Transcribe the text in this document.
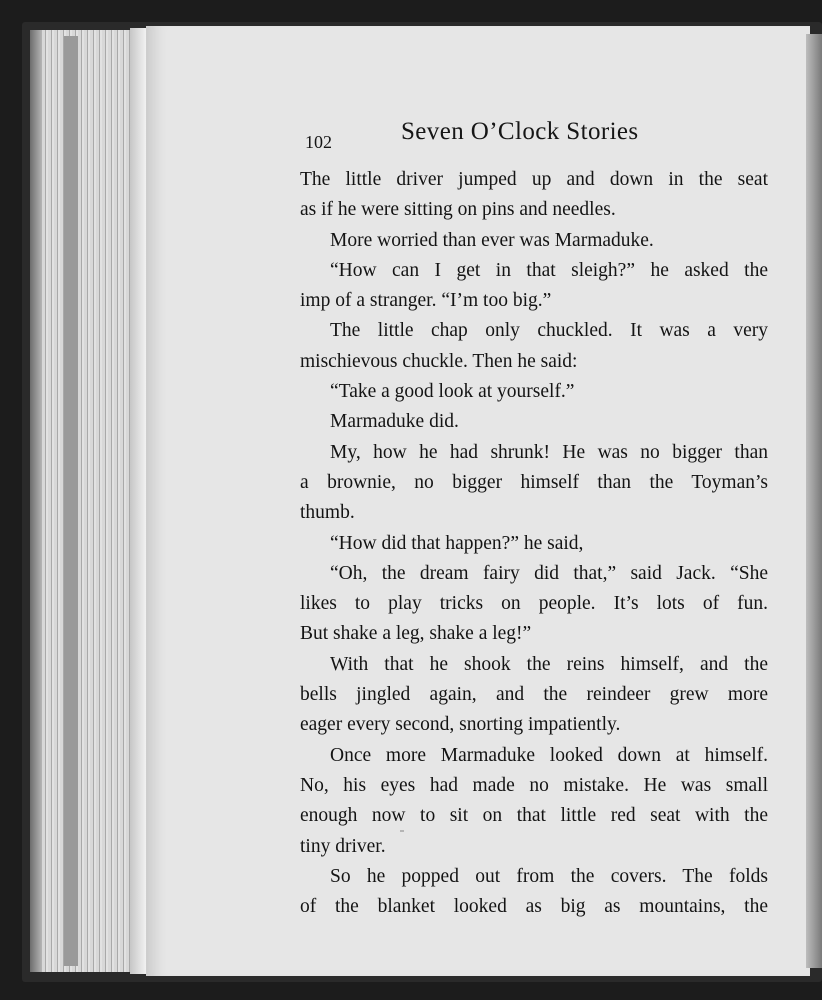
102	Seven O’Clock Stories
The little driver jumped up and down in the seat
as if he were sitting on pins and needles.
More worried than ever was Marmaduke.
“How can I get in that sleigh?” he asked the
imp of a stranger. “I’m too big.”
The little chap only chuckled. It was a very
mischievous chuckle. Then he said:
“Take a good look at yourself.”
Marmaduke did.
My, how he had shrunk! He was no bigger than
a brownie, no bigger himself than the Toyman’s
thumb.
“How did that happen?” he said,
“Oh, the dream fairy did that,” said Jack. “She
likes to play tricks on people. It’s lots of fun.
But shake a leg, shake a leg!”
With that he shook the reins himself, and the
bells jingled again, and the reindeer grew more
eager every second, snorting impatiently.
Once more Marmaduke looked down at himself.
No, his eyes had made no mistake. He was small
enough now to sit on that little red seat with the
tiny driver.
So he popped out from the covers. The folds
of the blanket looked as big as mountains, the
